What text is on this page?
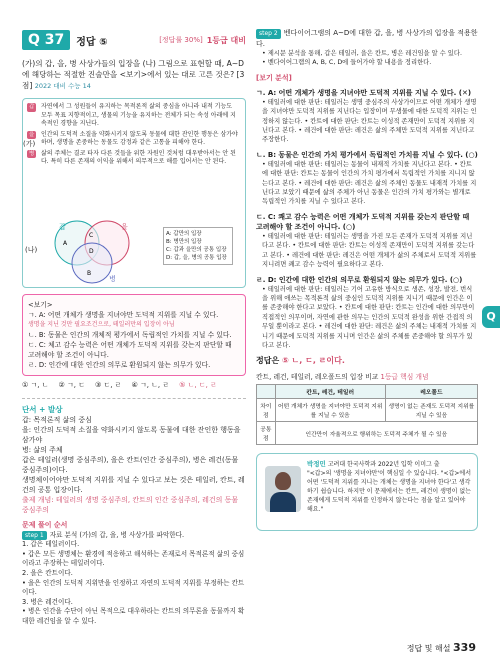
Q 37	정답 ⑤	[정답률 30%] 1등급 대비
(가)의 갑, 을, 병 사상가들의 입장을 (나) 그림으로 표현할 때, A~D에 해당하는 적절한 진술만을 <보기>에서 있는 대로 고른 것은? [3점] 2022 대비 수능 14
(가)

갑	자연에서 그 성원들이 유지하는 목적론적 삶의 중심을 아니라 내적 기능도 모두 목표 지향적이고, 생물의 기능을 유지하는 전체가 되는 속성 아래에 지속적인 경향을 지닌다.

을	인간의 도덕적 소질을 약화시키지 않도록 동물에 대한 잔인한 행동은 삼가야 하며, 생명을 존중하는 동물도 감정과 같은 고통을 피해야 한다.

병	삶의 주체는 결코 타자 다른 것들을 위한 자원인 것처럼 대우받아서는 안 된다. 특히 다른 존재의 이익을 위해서 의무적으로 해를 입어서는 안 된다.

(나)
갑	을
병
A
B
C
D
A: 갑만의 입장
B: 병만의 입장
C: 갑과 을만의 공통 입장
D: 갑, 을, 병의 공통 입장
<보기>
ㄱ. A: 어떤 개체가 생명을 지녀야만 도덕적 지위를 지닐 수 있다.
생명을 지닌 것만 필요조건으로, 테일러만의 입장이 아님
ㄴ. B: 동물은 인간의 개체적 평가에서 독립적인 가치를 지닐 수 있다.
ㄷ. C: 체고 감수 능력은 어떤 개체가 도덕적 지위를 갖는지 판단할 때 고려해야 할 조건이 아니다.
ㄹ. D: 인간에 대한 인간의 의무로 환원되지 않는 의무가 있다.
① ㄱ, ㄴ ② ㄱ, ㄷ ③ ㄷ, ㄹ ④ ㄱ, ㄴ, ㄹ ⑤ ㄴ, ㄷ, ㄹ
단서 + 발상
갑: 목적론적 삶의 중심
을: 인간의 도덕적 소질을 약화시키지 않도록 동물에 대한 잔인한 행동을 삼가야
병: 삶의 주체
갑은 테일러(생명 중심주의), 을은 칸트(인간 중심주의), 병은 레건(동물 중심주의)이다.
생명체이어야만 도덕적 지위를 지닐 수 있다고 보는 것은 테일러, 칸트, 레건의 공통 입장이다.
출제 개념: 테일러의 생명 중심주의, 칸트의 인간 중심주의, 레건의 동물 중심주의
문제 풀이 순서
step 1 자료 분석 (가)의 갑, 을, 병 사상가를 파악한다.
1. 갑은 테일러이다.
• 갑은 모든 생명체는 환경에 적응하고 해석하는 존재로서 목적론적 삶의 중심이라고 주장하는 테일러이다.
2. 을은 칸트이다.
• 을은 인간의 도덕적 지위만을 인정하고 자연의 도덕적 지위를 부정하는 칸트이다.
3. 병은 레건이다.
• 병은 인간을 수단이 아닌 목적으로 대우하라는 칸트의 의무론을 동물까지 확대한 레건임을 알 수 있다.
step 2 벤다이어그램의 A~D에 대한 갑, 을, 병 사상가의 입장을 적용한다.
• 제시문 분석을 통해, 갑은 테일러, 을은 칸트, 병은 레건임을 알 수 있다.
• 벤다이어그램의 A, B, C, D에 들어가야 할 내용을 정리한다.
[보기 분석]
ㄱ. A: 어떤 개체가 생명을 지녀야만 도덕적 지위를 지닐 수 있다. (✕)
• 테일러에 대한 판단: 테일러는 생명 중심주의 사상가이므로 어떤 개체가 생명을 지녀야만 도덕적 지위를 지닌다는 입장이며 무생물에 대한 도덕적 지위는 인정하지 않는다. • 칸트에 대한 판단: 칸트는 이성적 존재만이 도덕적 지위를 지닌다고 본다. • 레건에 대한 판단: 레건은 삶의 주체만 도덕적 지위를 지닌다고 주장한다.
ㄴ. B: 동물은 인간의 가치 평가에서 독립적인 가치를 지닐 수 있다. (○)
• 테일러에 대한 판단: 테일러는 동물이 내재적 가치를 지닌다고 본다. • 칸트에 대한 판단: 칸트는 동물이 인간의 가치 평가에서 독립적인 가치를 지니지 않는다고 본다. • 레건에 대한 판단: 레건은 삶의 주체인 동물도 내재적 가치를 지닌다고 보았기 때문에 삶의 주체가 아닌 동물은 인간의 가치 평가와는 별개로 독립적인 가치를 지닐 수 있다고 본다.
ㄷ. C: 쾌고 감수 능력은 어떤 개체가 도덕적 지위를 갖는지 판단할 때 고려해야 할 조건이 아니다. (○)
• 테일러에 대한 판단: 테일러는 생명을 가진 모든 존재가 도덕적 지위를 지닌다고 본다. • 칸트에 대한 판단: 칸트는 이성적 존재만이 도덕적 지위를 갖는다고 본다. • 레건에 대한 판단: 레건은 어떤 개체가 삶의 주체로서 도덕적 지위를 지니려면 쾌고 감수 능력이 필요하다고 본다.
ㄹ. D: 인간에 대한 인간의 의무로 환원되지 않는 의무가 있다. (○)
• 테일러에 대한 판단: 테일러는 기어 고유한 방식으로 생존, 성장, 발전, 번식을 위해 애쓰는 목적론적 삶의 중심인 도덕적 지위를 지니기 때문에 인간은 이를 존중해야 한다고 보았다. • 칸트에 대한 판단: 칸트는 인간에 대한 의무만이 직접적인 의무이며, 자연에 관한 의무는 인간의 도덕적 완성을 위한 간접적 의무일 뿐이라고 본다. • 레건에 대한 판단: 레건은 삶의 주체는 내재적 가치를 지니기 때문에 도덕적 지위를 지니며 인간은 삶의 주체를 존중해야 할 의무가 있다고 본다.
정답은 ⑤ ㄴ, ㄷ, ㄹ이다.
칸트, 레건, 테일러, 레오폴드의 입장 비교 1등급 핵심 개념
	칸트, 레건, 테일러	레오폴드
차이점	어떤 개체가 생명을 지녀야만 도덕적 지위를 지닐 수 있음	생명이 없는 존재도 도덕적 지위를 지닐 수 있음
공통점	인간만이 자율적으로 행위하는 도덕적 주체가 될 수 있음	
박정민 고려대 한국사학과 2022년 입학 이미그 출
"<갑>의 '생명을 지녀야만'이 핵심일 수 있습니다. "<갑>에서 어떤 '도덕적 지위를 지니는 개체는 생명을 지녀야 한다'고 생각하기 쉽습니다. 하지만 이 문제에서는 칸트, 레건이 생명이 없는 존재에게 도덕적 지위를 인정하지 않는다는 점을 알고 있어야 해요."
Q
정답 및 해설 339
